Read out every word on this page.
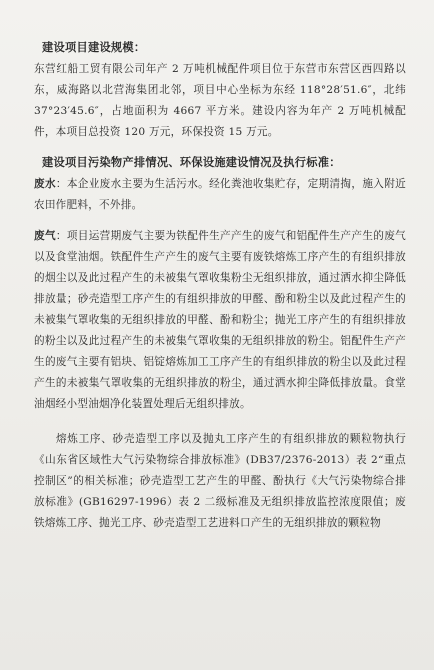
建设项目建设规模：

东营红船工贸有限公司年产 2 万吨机械配件项目位于东营市东营区西四路以东，威海路以北营海集团北邻，项目中心坐标为东经 118°28′51.6″，北纬 37°23′45.6″，占地面积为 4667 平方米。建设内容为年产 2 万吨机械配件，本项目总投资 120 万元，环保投资 15 万元。

建设项目污染物产排情况、环保设施建设情况及执行标准：

废水：本企业废水主要为生活污水。经化粪池收集贮存，定期清掏，施入附近农田作肥料，不外排。

废气：项目运营期废气主要为铁配件生产产生的废气和铝配件生产产生的废气以及食堂油烟。铁配件生产产生的废气主要有废铁熔炼工序产生的有组织排放的烟尘以及此过程产生的未被集气罩收集粉尘无组织排放，通过洒水抑尘降低排放量；砂壳造型工序产生的有组织排放的甲醛、酚和粉尘以及此过程产生的未被集气罩收集的无组织排放的甲醛、酚和粉尘；抛光工序产生的有组织排放的粉尘以及此过程产生的未被集气罩收集的无组织排放的粉尘。铝配件生产产生的废气主要有铝块、铝锭熔炼加工工序产生的有组织排放的粉尘以及此过程产生的未被集气罩收集的无组织排放的粉尘，通过洒水抑尘降低排放量。食堂油烟经小型油烟净化装置处理后无组织排放。

熔炼工序、砂壳造型工序以及抛丸工序产生的有组织排放的颗粒物执行《山东省区域性大气污染物综合排放标准》(DB37/2376-2013）表 2“重点控制区”的相关标准；砂壳造型工艺产生的甲醛、酚执行《大气污染物综合排放标准》(GB16297-1996）表 2 二级标准及无组织排放监控浓度限值；废铁熔炼工序、抛光工序、砂壳造型工艺进料口产生的无组织排放的颗粒物
